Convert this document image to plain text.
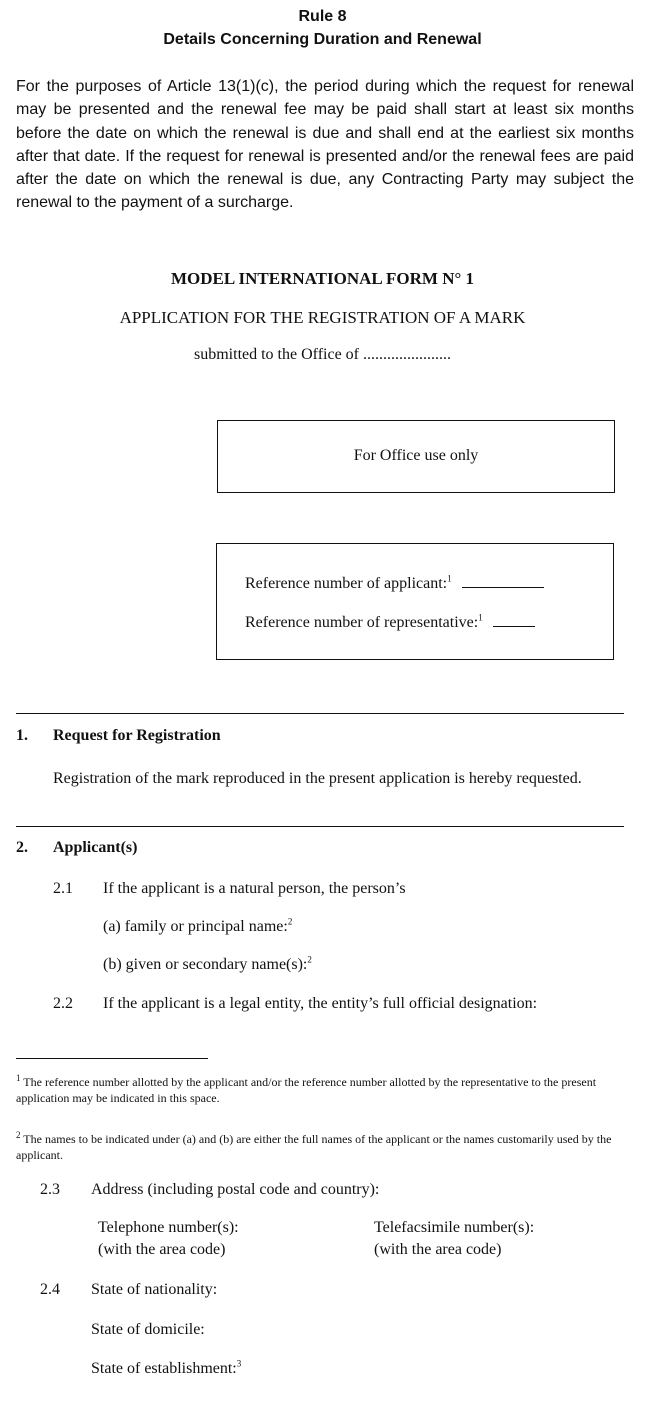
Rule 8
Details Concerning Duration and Renewal
For the purposes of Article 13(1)(c), the period during which the request for renewal may be presented and the renewal fee may be paid shall start at least six months before the date on which the renewal is due and shall end at the earliest six months after that date. If the request for renewal is presented and/or the renewal fees are paid after the date on which the renewal is due, any Contracting Party may subject the renewal to the payment of a surcharge.
MODEL INTERNATIONAL FORM N° 1
APPLICATION FOR THE REGISTRATION OF A MARK
submitted to the Office of ......................
For Office use only
Reference number of applicant:$^1$
Reference number of representative:$^1$
1. Request for Registration
Registration of the mark reproduced in the present application is hereby requested.
2. Applicant(s)
2.1 If the applicant is a natural person, the person’s
(a) family or principal name:$^2$
(b) given or secondary name(s):$^2$
2.2 If the applicant is a legal entity, the entity’s full official designation:
$^1$ The reference number allotted by the applicant and/or the reference number allotted by the representative to the present application may be indicated in this space.
$^2$ The names to be indicated under (a) and (b) are either the full names of the applicant or the names customarily used by the applicant.
2.3 Address (including postal code and country):
Telephone number(s):
(with the area code)
Telefacsimile number(s):
(with the area code)
2.4 State of nationality:
State of domicile:
State of establishment:$^3$
